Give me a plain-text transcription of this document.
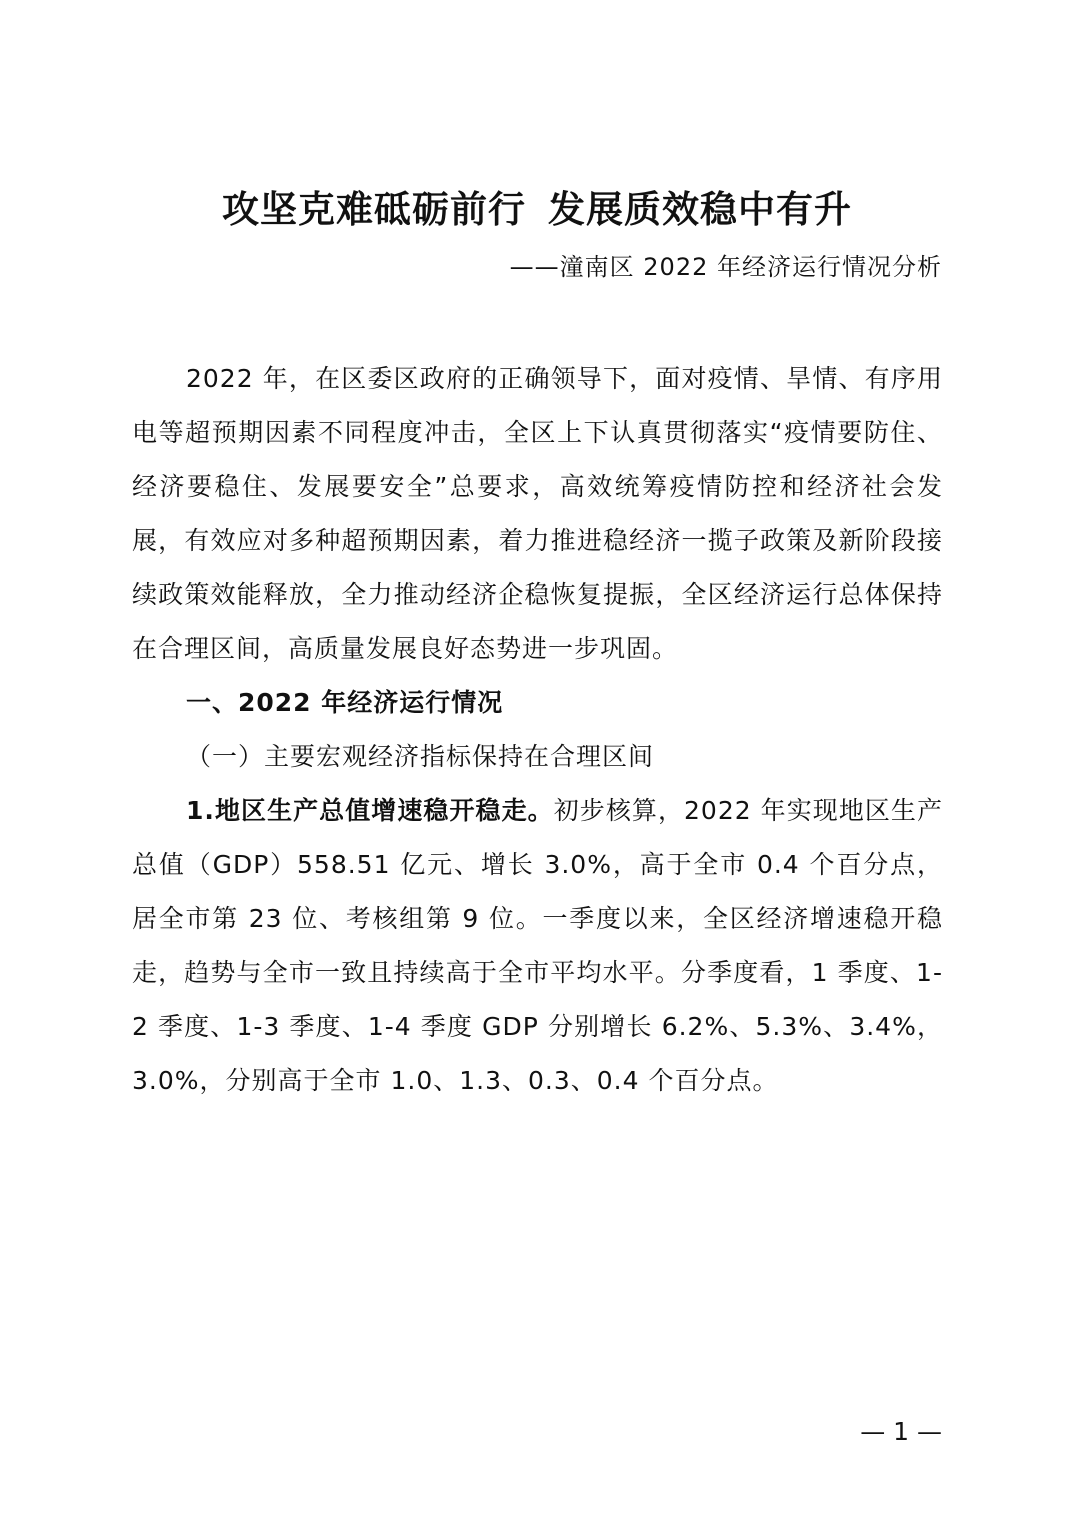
攻坚克难砥砺前行 发展质效稳中有升

——潼南区 2022 年经济运行情况分析

2022 年，在区委区政府的正确领导下，面对疫情、旱情、有序用电等超预期因素不同程度冲击，全区上下认真贯彻落实“疫情要防住、经济要稳住、发展要安全”总要求，高效统筹疫情防控和经济社会发展，有效应对多种超预期因素，着力推进稳经济一揽子政策及新阶段接续政策效能释放，全力推动经济企稳恢复提振，全区经济运行总体保持在合理区间，高质量发展良好态势进一步巩固。

一、2022 年经济运行情况

（一）主要宏观经济指标保持在合理区间

1.地区生产总值增速稳开稳走。初步核算，2022 年实现地区生产总值（GDP）558.51 亿元、增长 3.0%，高于全市 0.4 个百分点，居全市第 23 位、考核组第 9 位。一季度以来，全区经济增速稳开稳走，趋势与全市一致且持续高于全市平均水平。分季度看，1 季度、1-2 季度、1-3 季度、1-4 季度 GDP 分别增长 6.2%、5.3%、3.4%，3.0%，分别高于全市 1.0、1.3、0.3、0.4 个百分点。

— 1 —
